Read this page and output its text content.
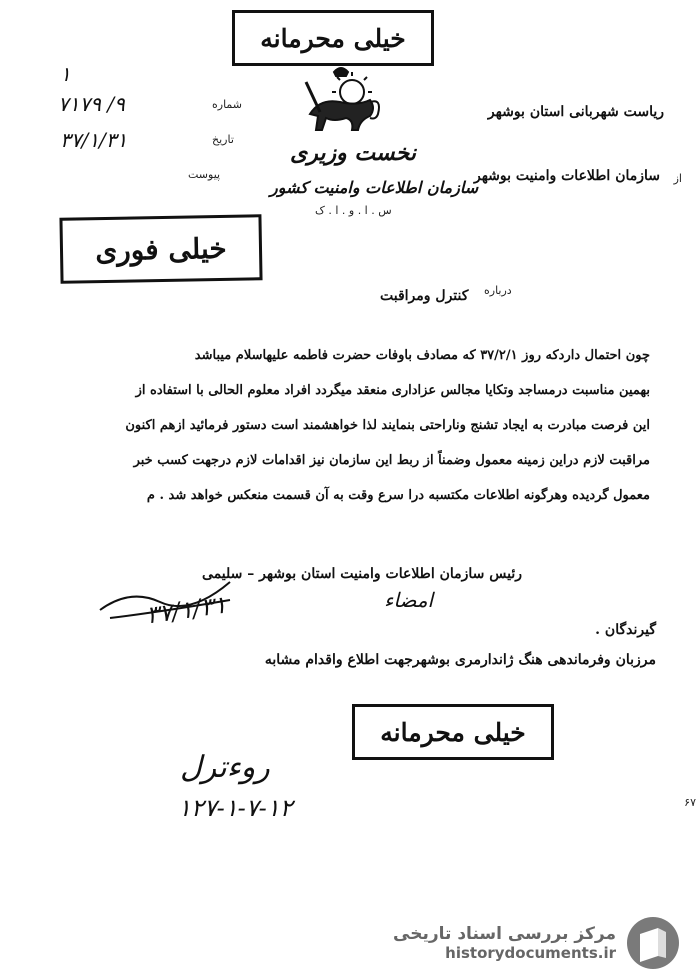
خیلی محرمانه
۱
۹/ ۷۱۷۹	شماره
۳۷/۱/۳۱	تاریخ
پیوست
نخست وزیری
سازمان اطلاعات وامنیت کشور
س . ا . و . ا . ک
ریاست شهربانی استان بوشهر
از
سازمان اطلاعات وامنیت بوشهر
خیلی فوری
درباره
کنترل ومراقبت

چون احتمال داردکه روز ۳۷/۲/۱ که مصادف باوفات حضرت فاطمه علیهاسلام میباشد

بهمین مناسبت درمساجد وتکایا مجالس عزاداری منعقد میگردد افراد معلوم الحالی با استفاده از

این فرصت مبادرت به ایجاد تشنج وناراحتی بنمایند لذا خواهشمند است دستور فرمائید ازهم اکنون

مراقبت لازم دراین زمینه معمول وضمناً از ربط این سازمان نیز اقدامات لازم درجهت کسب خبر

معمول گردیده وهرگونه اطلاعات مکتسبه درا سرع وقت به آن قسمت منعکس خواهد شد . م

رئیس سازمان اطلاعات وامنیت استان بوشهر – سلیمی
۳۷/۱/۳۱	امضاء
گیرندگان .
مرزبان وفرماندهی هنگ ژاندارمری بوشهرجهت اطلاع واقدام مشابه
خیلی محرمانه
روءترل
۱۲۷-۱-۷-۱۲	۶۷
مرکز بررسی اسناد تاریخی
historydocuments.ir
